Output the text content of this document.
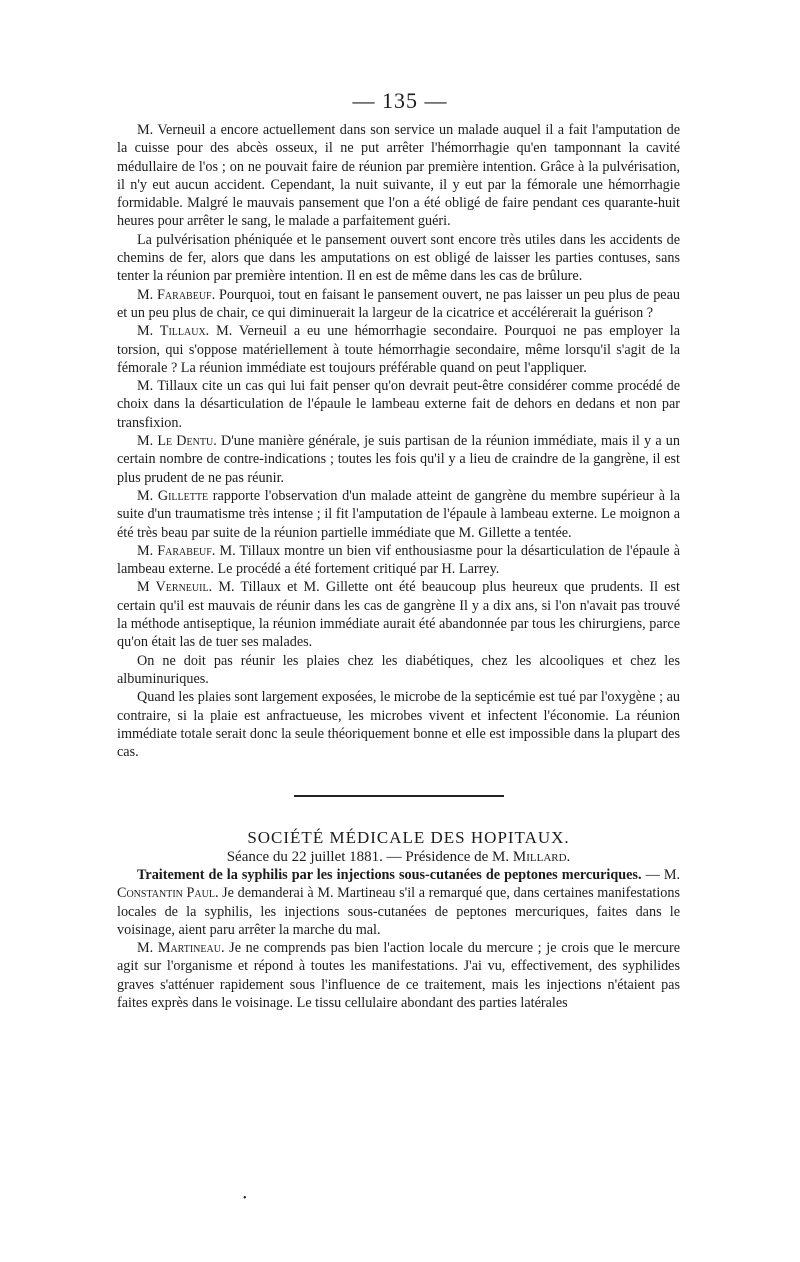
— 135 —

M. Verneuil a encore actuellement dans son service un malade auquel il a fait l'amputation de la cuisse pour des abcès osseux, il ne put arrêter l'hémorrhagie qu'en tamponnant la cavité médullaire de l'os ; on ne pouvait faire de réunion par première intention. Grâce à la pulvérisation, il n'y eut aucun accident. Cependant, la nuit suivante, il y eut par la fémorale une hémorrhagie formidable. Malgré le mauvais pansement que l'on a été obligé de faire pendant ces quarante-huit heures pour arrêter le sang, le malade a parfaitement guéri.

La pulvérisation phéniquée et le pansement ouvert sont encore très utiles dans les accidents de chemins de fer, alors que dans les amputations on est obligé de laisser les parties contuses, sans tenter la réunion par première intention. Il en est de même dans les cas de brûlure.

M. Farabeuf. Pourquoi, tout en faisant le pansement ouvert, ne pas laisser un peu plus de peau et un peu plus de chair, ce qui diminuerait la largeur de la cicatrice et accélérerait la guérison ?

M. Tillaux. M. Verneuil a eu une hémorrhagie secondaire. Pourquoi ne pas employer la torsion, qui s'oppose matériellement à toute hémorrhagie secondaire, même lorsqu'il s'agit de la fémorale ? La réunion immédiate est toujours préférable quand on peut l'appliquer.

M. Tillaux cite un cas qui lui fait penser qu'on devrait peut-être considérer comme procédé de choix dans la désarticulation de l'épaule le lambeau externe fait de dehors en dedans et non par transfixion.

M. Le Dentu. D'une manière générale, je suis partisan de la réunion immédiate, mais il y a un certain nombre de contre-indications ; toutes les fois qu'il y a lieu de craindre de la gangrène, il est plus prudent de ne pas réunir.

M. Gillette rapporte l'observation d'un malade atteint de gangrène du membre supérieur à la suite d'un traumatisme très intense ; il fit l'amputation de l'épaule à lambeau externe. Le moignon a été très beau par suite de la réunion partielle immédiate que M. Gillette a tentée.

M. Farabeuf. M. Tillaux montre un bien vif enthousiasme pour la désarticulation de l'épaule à lambeau externe. Le procédé a été fortement critiqué par H. Larrey.

M Verneuil. M. Tillaux et M. Gillette ont été beaucoup plus heureux que prudents. Il est certain qu'il est mauvais de réunir dans les cas de gangrène Il y a dix ans, si l'on n'avait pas trouvé la méthode antiseptique, la réunion immédiate aurait été abandonnée par tous les chirurgiens, parce qu'on était las de tuer ses malades.

On ne doit pas réunir les plaies chez les diabétiques, chez les alcooliques et chez les albuminuriques.

Quand les plaies sont largement exposées, le microbe de la septicémie est tué par l'oxygène ; au contraire, si la plaie est anfractueuse, les microbes vivent et infectent l'économie. La réunion immédiate totale serait donc la seule théoriquement bonne et elle est impossible dans la plupart des cas.

SOCIÉTÉ MÉDICALE DES HOPITAUX.

Séance du 22 juillet 1881. — Présidence de M. Millard.

Traitement de la syphilis par les injections sous-cutanées de peptones mercuriques. — M. Constantin Paul. Je demanderai à M. Martineau s'il a remarqué que, dans certaines manifestations locales de la syphilis, les injections sous-cutanées de peptones mercuriques, faites dans le voisinage, aient paru arrêter la marche du mal.

M. Martineau. Je ne comprends pas bien l'action locale du mercure ; je crois que le mercure agit sur l'organisme et répond à toutes les manifestations. J'ai vu, effectivement, des syphilides graves s'atténuer rapidement sous l'influence de ce traitement, mais les injections n'étaient pas faites exprès dans le voisinage. Le tissu cellulaire abondant des parties latérales

•
